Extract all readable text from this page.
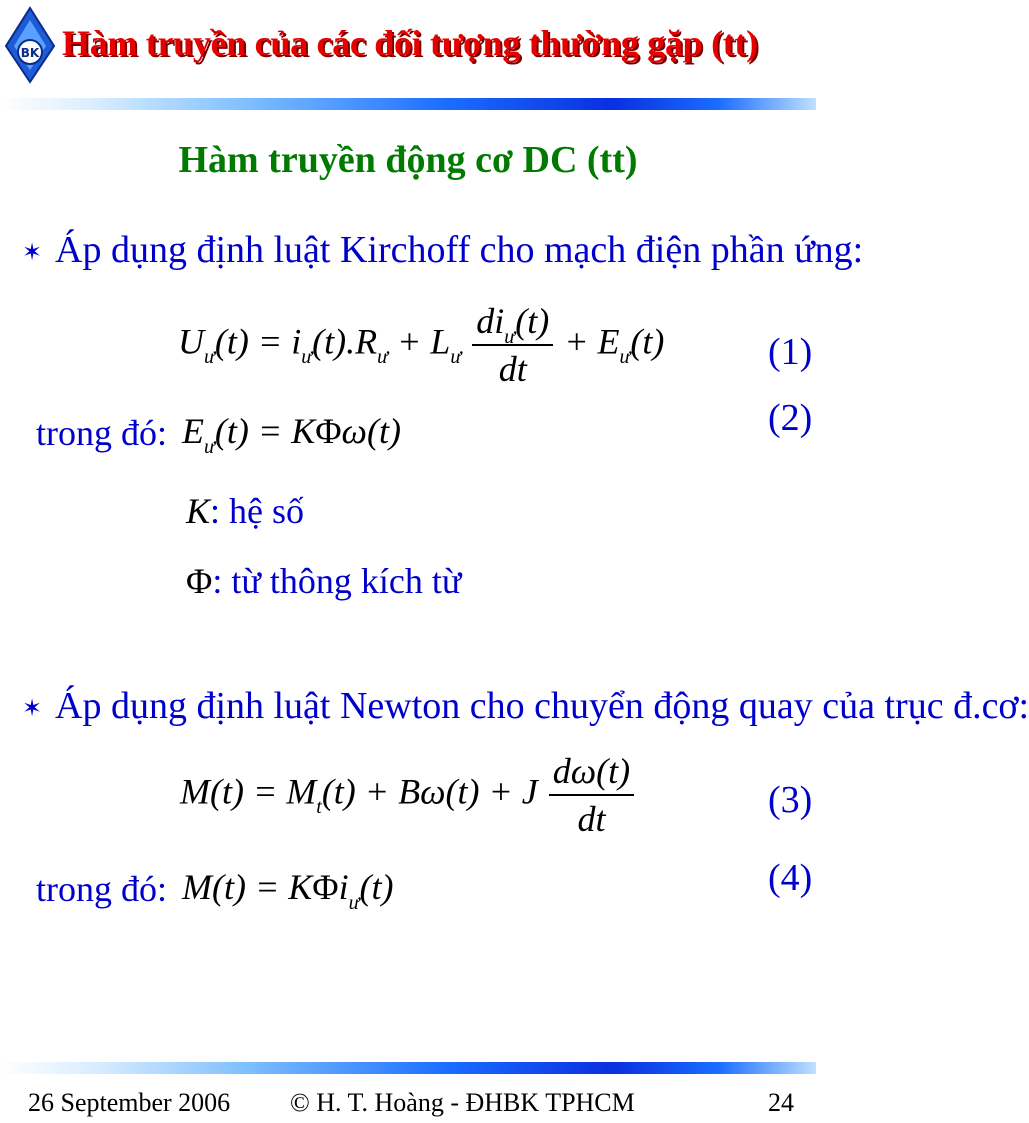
BK Hàm truyền của các đối tượng thường gặp (tt)
Hàm truyền động cơ DC (tt)
✶ Áp dụng định luật Kirchoff cho mạch điện phần ứng:
$U_ư(t) = i_ư(t).R_ư + L_ư \frac{di_ư(t)}{dt} + E_ư(t)$	(1)
trong đó: $E_ư(t) = K\Phi\omega(t)$	(2)
K: hệ số
Φ: từ thông kích từ
✶ Áp dụng định luật Newton cho chuyển động quay của trục đ.cơ:
$M(t) = M_t(t) + B\omega(t) + J \frac{d\omega(t)}{dt}$	(3)
trong đó: M(t) = KΦi$_ư$(t)	(4)
26 September 2006 © H. T. Hoàng - ĐHBK TPHCM	24
